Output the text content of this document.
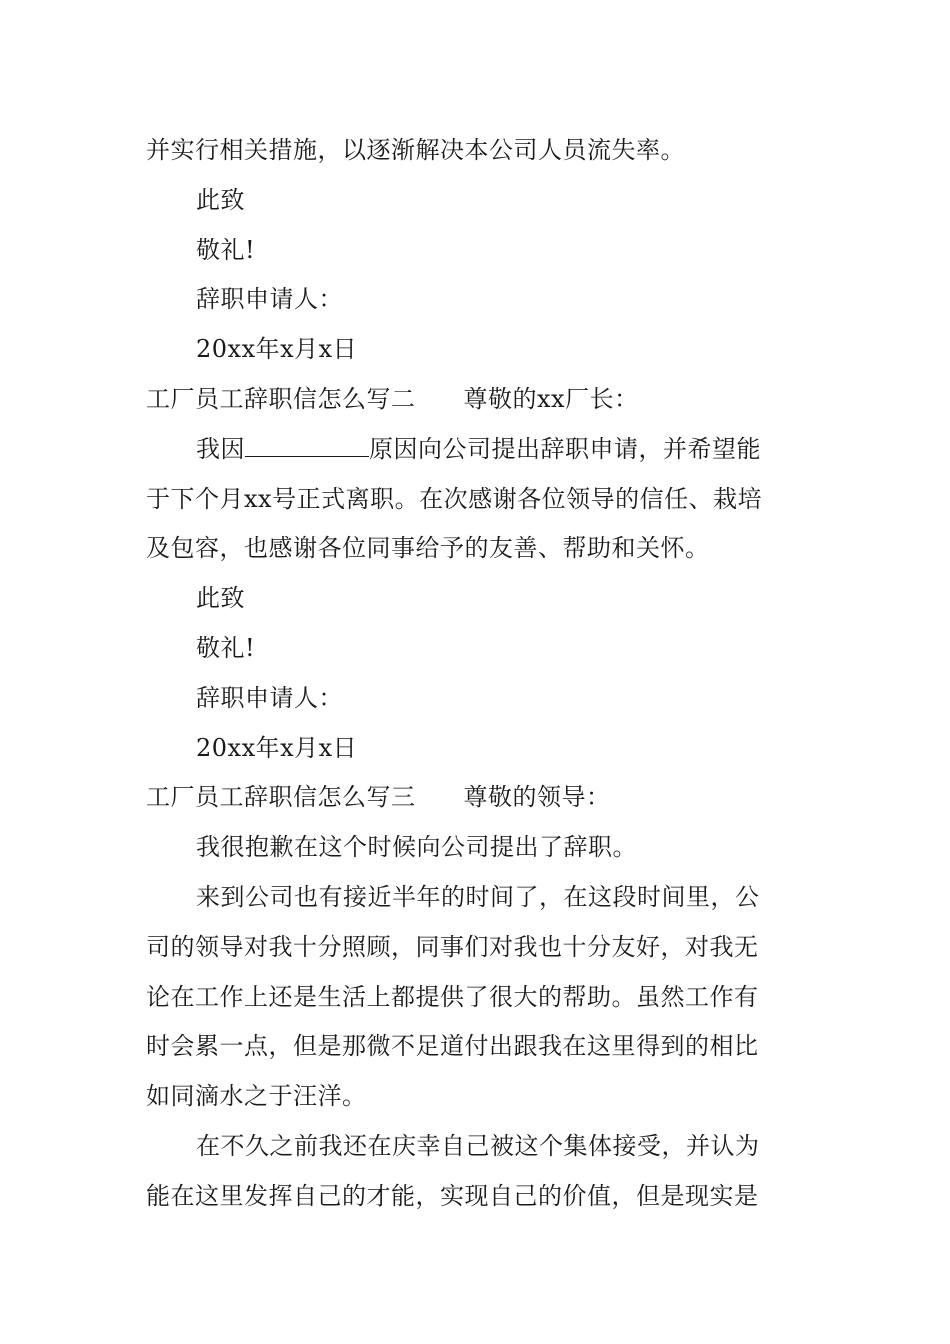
并实行相关措施，以逐渐解决本公司人员流失率。
此致
敬礼!
辞职申请人：
20xx年x月x日
工厂员工辞职信怎么写二 尊敬的xx厂长：
我因	原因向公司提出辞职申请，并希望能
于下个月xx号正式离职。在次感谢各位领导的信任、栽培
及包容，也感谢各位同事给予的友善、帮助和关怀。
此致
敬礼!
辞职申请人：
20xx年x月x日
工厂员工辞职信怎么写三 尊敬的领导：
我很抱歉在这个时候向公司提出了辞职。
来到公司也有接近半年的时间了，在这段时间里，公
司的领导对我十分照顾，同事们对我也十分友好，对我无
论在工作上还是生活上都提供了很大的帮助。虽然工作有
时会累一点，但是那微不足道付出跟我在这里得到的相比
如同滴水之于汪洋。
在不久之前我还在庆幸自己被这个集体接受，并认为
能在这里发挥自己的才能，实现自己的价值，但是现实是
